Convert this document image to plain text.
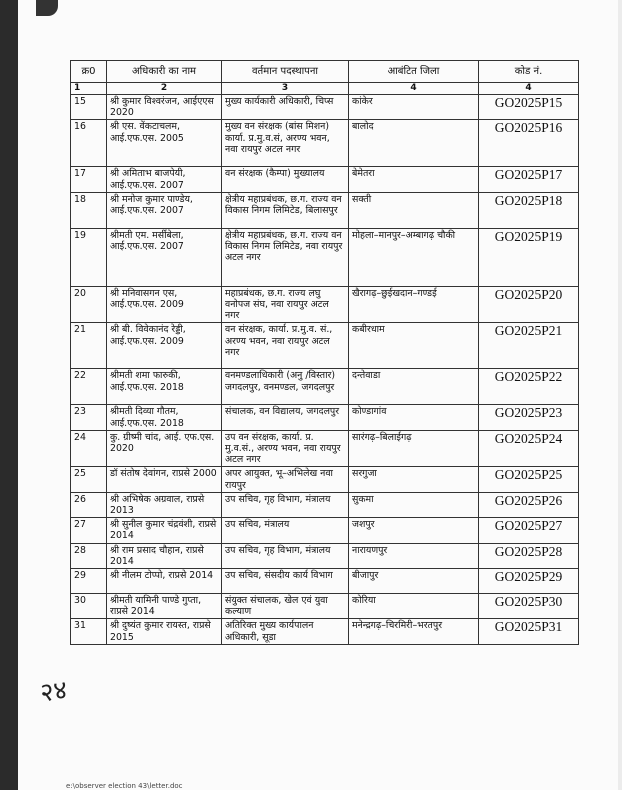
क्र0	अधिकारी का नाम	वर्तमान पदस्थापना	आबंटित जिला	कोड नं.
1	2	3	4	4
15	श्री कुमार विश्वरंजन, आईएएस 2020	मुख्य कार्यकारी अधिकारी, चिप्स	कांकेर	GO2025P15
16	श्री एस. वेंकटाचलम, आई.एफ.एस. 2005	मुख्य वन संरक्षक (बांस मिशन) कार्या. प्र.मु.व.सं, अरण्य भवन, नवा रायपुर अटल नगर	बालोद	GO2025P16
17	श्री अमिताभ बाजपेयी, आई.एफ.एस. 2007	वन संरक्षक (कैम्पा) मुख्यालय	बेमेतरा	GO2025P17
18	श्री मनोज कुमार पाण्डेय, आई.एफ.एस. 2007	क्षेत्रीय महाप्रबंधक, छ.ग. राज्य वन विकास निगम लिमिटेड, बिलासपुर	सक्ती	GO2025P18
19	श्रीमती एम. मर्सीबेला, आई.एफ.एस. 2007	क्षेत्रीय महाप्रबंधक, छ.ग. राज्य वन विकास निगम लिमिटेड, नवा रायपुर अटल नगर	मोहला–मानपुर–अम्बागढ़ चौकी	GO2025P19
20	श्री मनिवासगन एस, आई.एफ.एस. 2009	महाप्रबंधक, छ.ग. राज्य लघु वनोपज संघ, नवा रायपुर अटल नगर	खैरागढ़–छुईखदान–गण्डई	GO2025P20
21	श्री बी. विवेकानंद रेड्डी, आई.एफ.एस. 2009	वन संरक्षक, कार्या. प्र.मु.व. सं., अरण्य भवन, नवा रायपुर अटल नगर	कबीरधाम	GO2025P21
22	श्रीमती शमा फारुकी, आई.एफ.एस. 2018	वनमण्डलाधिकारी (अनु /विस्तार) जगदलपुर, वनमण्डल, जगदलपुर	दन्तेवाडा	GO2025P22
23	श्रीमती दिव्या गौतम, आई.एफ.एस. 2018	संचालक, वन विद्यालय, जगदलपुर	कोण्डागांव	GO2025P23
24	कु. ग्रीष्मी चांद, आई. एफ.एस. 2020	उप वन संरक्षक, कार्या. प्र. मु.व.सं., अरण्य भवन, नवा रायपुर अटल नगर	सारंगढ़–बिलाईगढ़	GO2025P24
25	डॉ संतोष देवांगन, राप्रसे 2000	अपर आयुक्त, भू–अभिलेख नवा रायपुर	सरगुजा	GO2025P25
26	श्री अभिषेक अग्रवाल, राप्रसे 2013	उप सचिव, गृह विभाग, मंत्रालय	सुकमा	GO2025P26
27	श्री सुनील कुमार चंद्रवंशी, राप्रसे 2014	उप सचिव, मंत्रालय	जशपुर	GO2025P27
28	श्री राम प्रसाद चौहान, राप्रसे 2014	उप सचिव, गृह विभाग, मंत्रालय	नारायणपुर	GO2025P28
29	श्री नीलम टोप्पो, राप्रसे 2014	उप सचिव, संसदीय कार्य विभाग	बीजापुर	GO2025P29
30	श्रीमती यामिनी पाण्डे गुप्ता, राप्रसे 2014	संयुक्त संचालक, खेल एवं युवा कल्याण	कोरिया	GO2025P30
31	श्री दुष्यंत कुमार रायस्त, राप्रसे 2015	अतिरिक्त मुख्य कार्यपालन अधिकारी, सूडा	मनेन्द्रगढ़–चिरमिरी–भरतपुर	GO2025P31
२४
e:\observer election 43\letter.doc
